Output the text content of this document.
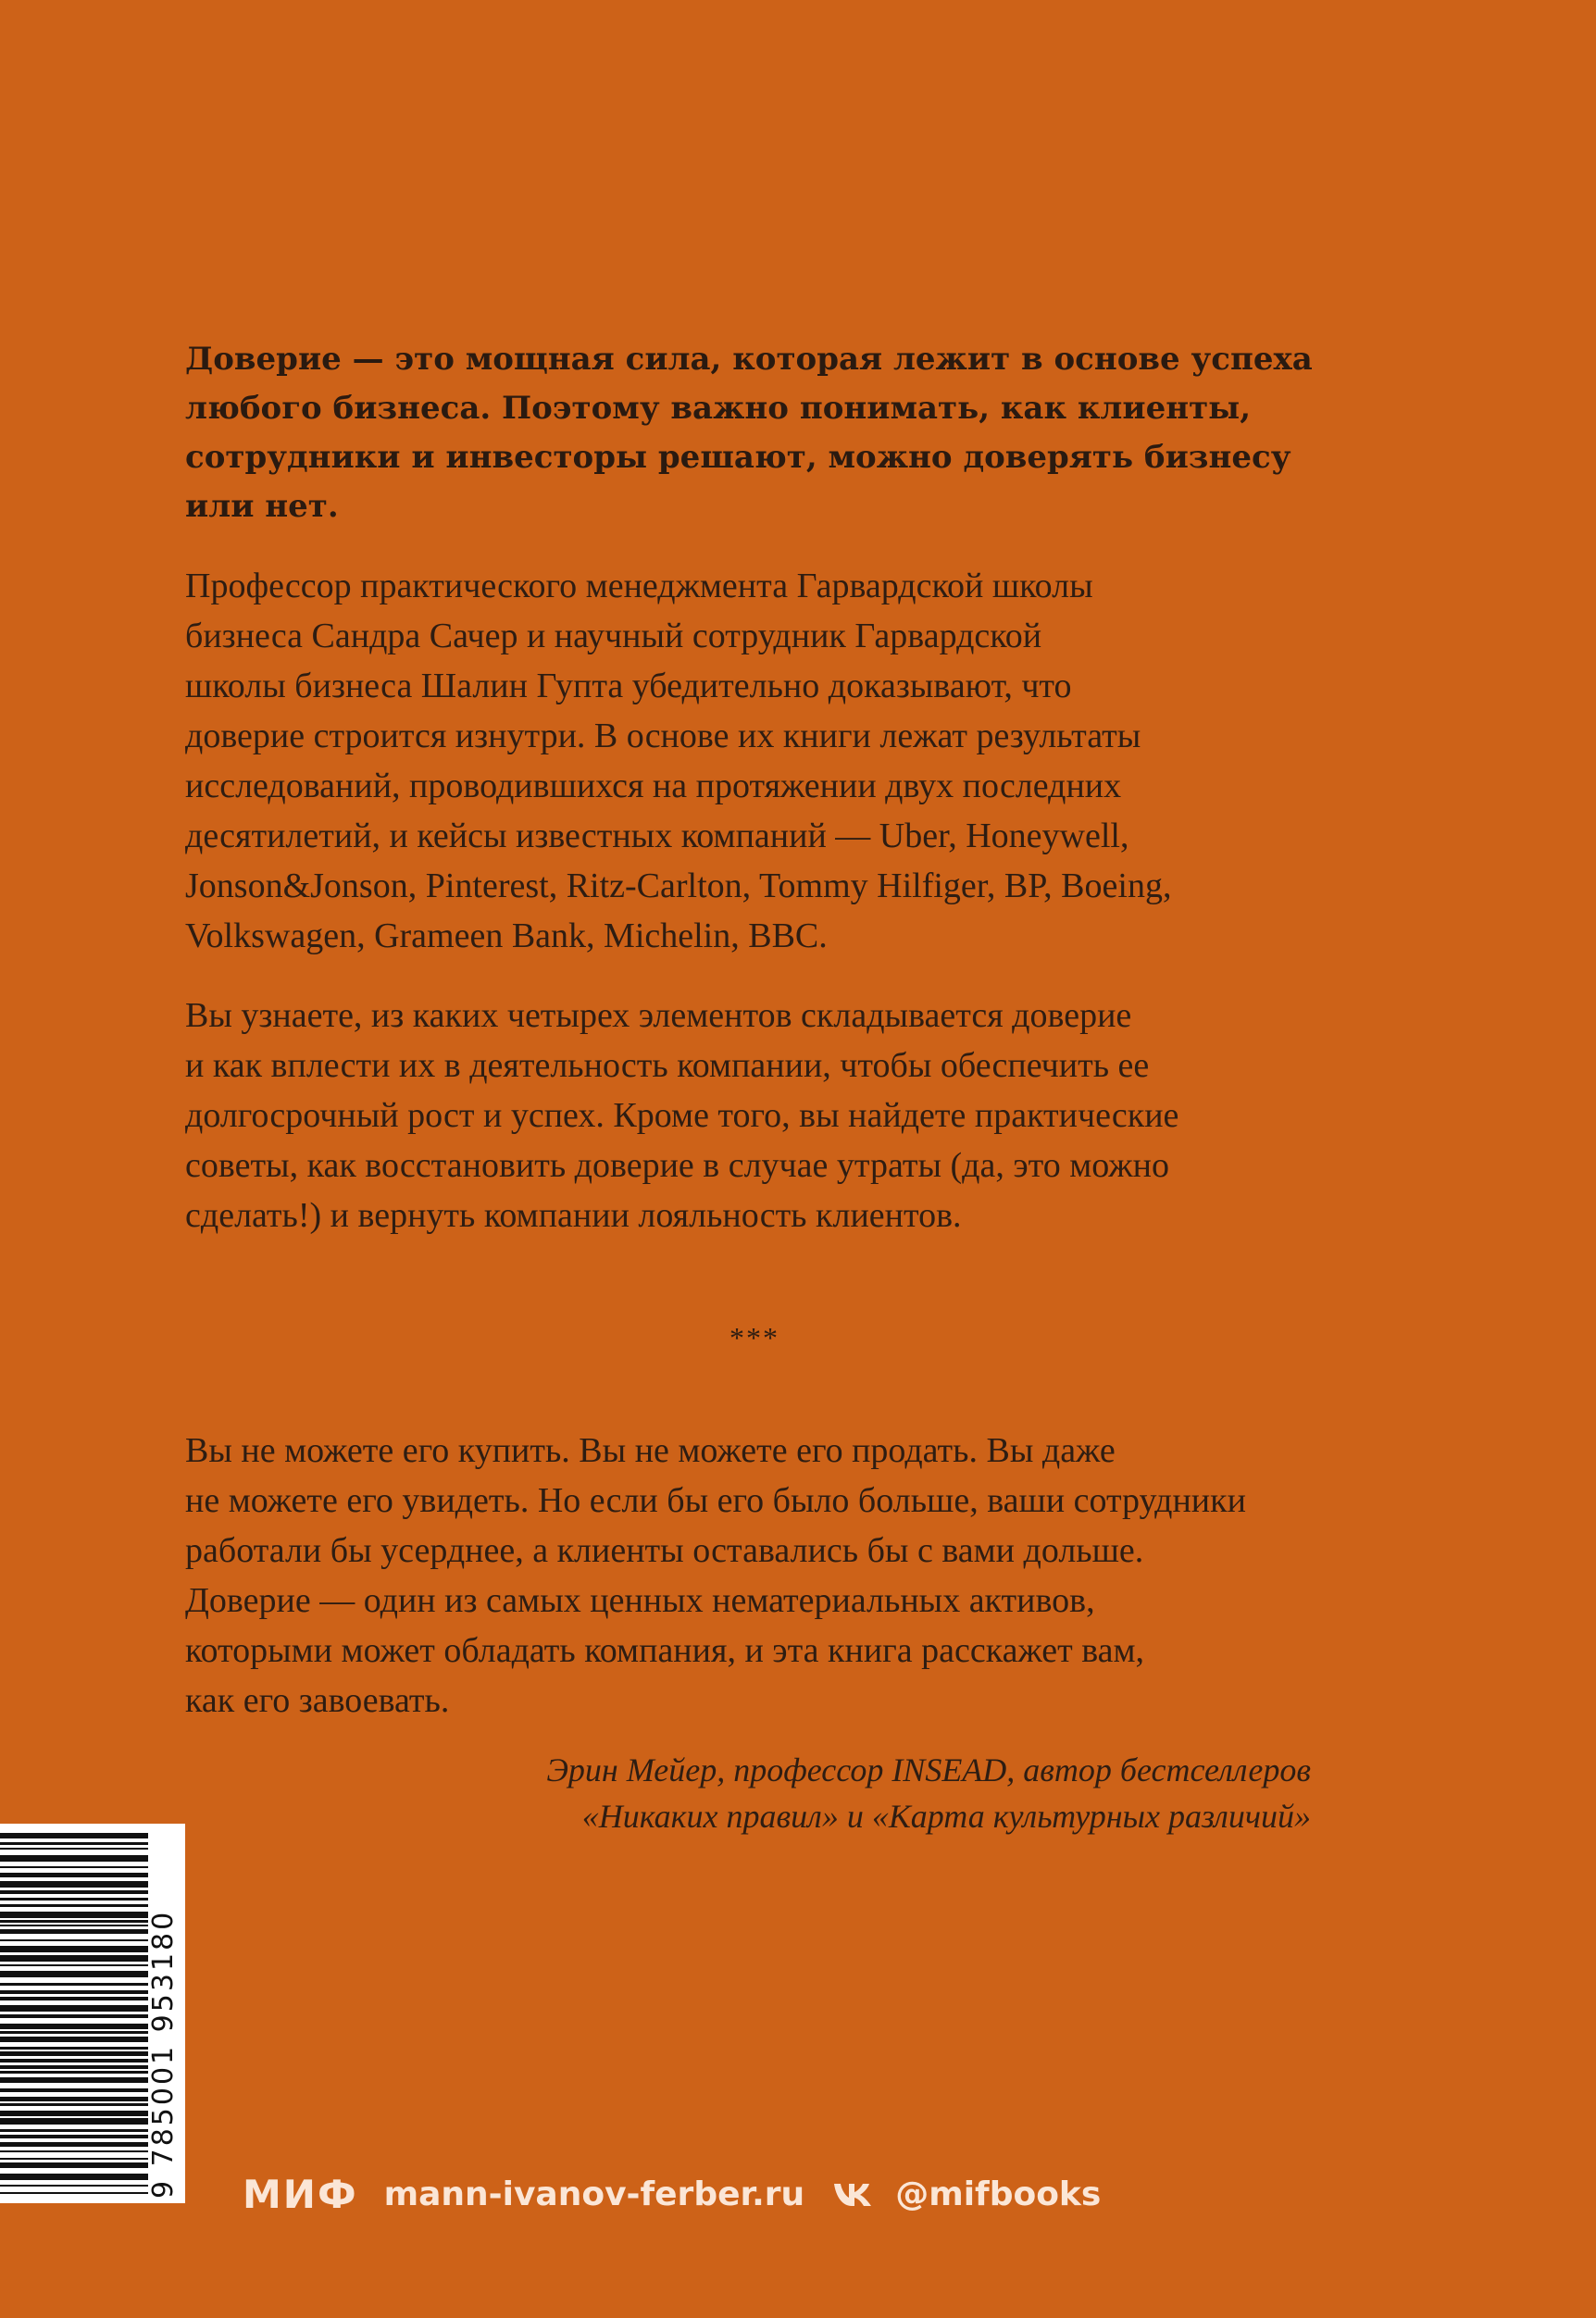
Доверие — это мощная сила, которая лежит в основе успеха
любого бизнеса. Поэтому важно понимать, как клиенты,
сотрудники и инвесторы решают, можно доверять бизнесу
или нет.

Профессор практического менеджмента Гарвардской школы
бизнеса Сандра Сачер и научный сотрудник Гарвардской
школы бизнеса Шалин Гупта убедительно доказывают, что
доверие строится изнутри. В основе их книги лежат результаты
исследований, проводившихся на протяжении двух последних
десятилетий, и кейсы известных компаний — Uber, Honeywell,
Jonson&Jonson, Pinterest, Ritz-Carlton, Tommy Hilfiger, BP, Boeing,
Volkswagen, Grameen Bank, Michelin, BBC.

Вы узнаете, из каких четырех элементов складывается доверие
и как вплести их в деятельность компании, чтобы обеспечить ее
долгосрочный рост и успех. Кроме того, вы найдете практические
советы, как восстановить доверие в случае утраты (да, это можно
сделать!) и вернуть компании лояльность клиентов.

***

Вы не можете его купить. Вы не можете его продать. Вы даже
не можете его увидеть. Но если бы его было больше, ваши сотрудники
работали бы усерднее, а клиенты оставались бы с вами дольше.
Доверие — один из самых ценных нематериальных активов,
которыми может обладать компания, и эта книга расскажет вам,
как его завоевать.

Эрин Мейер, профессор INSEAD, автор бестселлеров
«Никаких правил» и «Карта культурных различий»
9 785001 953180 МИФ mann-ivanov-ferber.ru	@mifbooks
